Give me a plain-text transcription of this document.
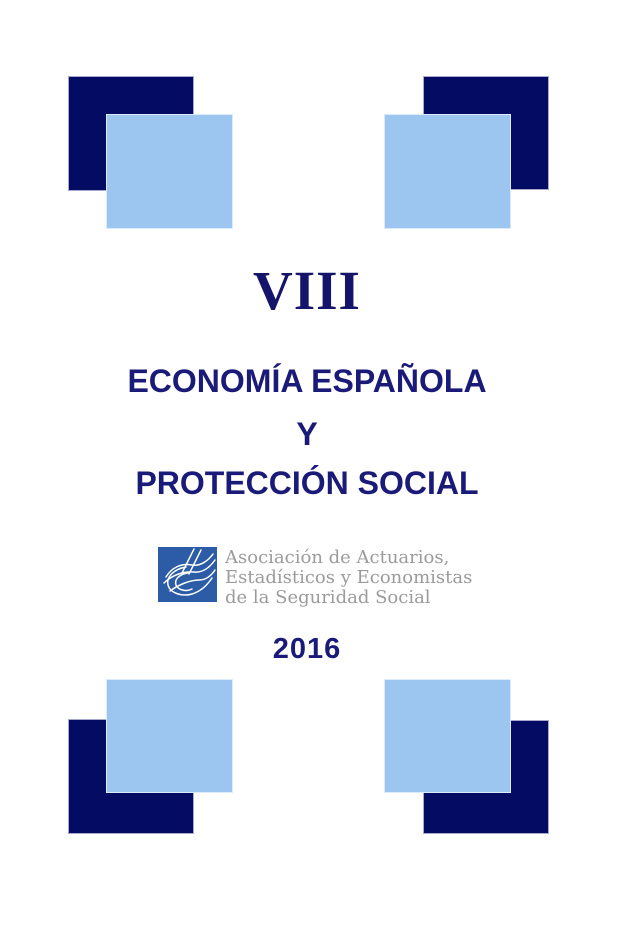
VIII
ECONOMÍA ESPAÑOLA
Y
PROTECCIÓN SOCIAL
Asociación de Actuarios,
Estadísticos y Economistas
de la Seguridad Social
2016
